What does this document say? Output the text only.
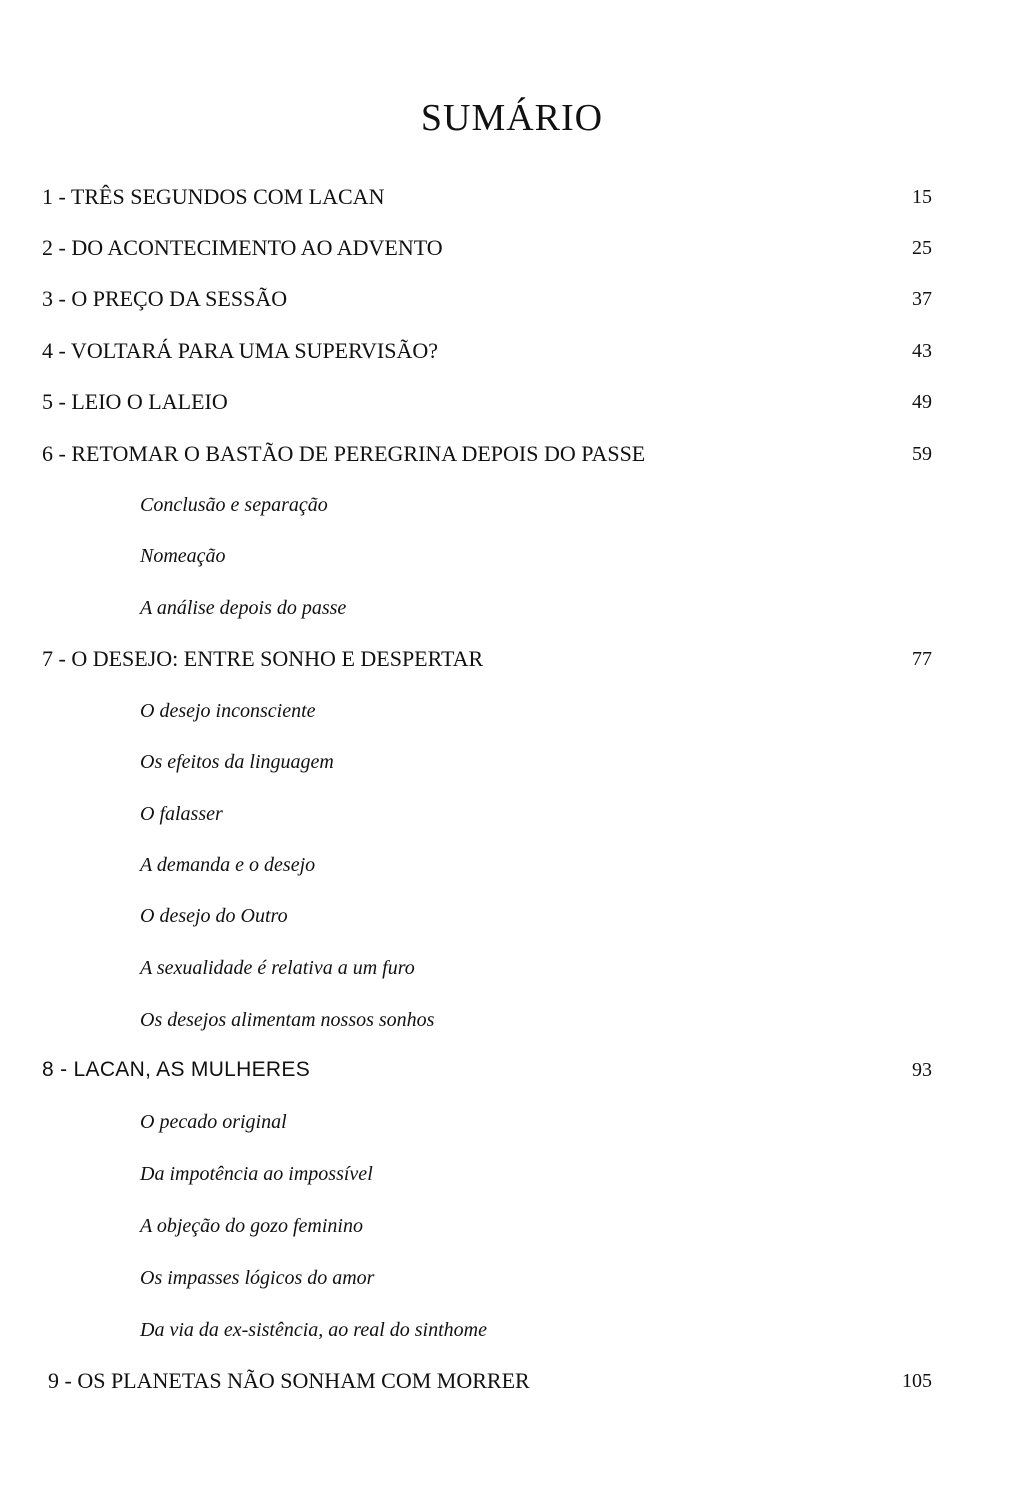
SUMÁRIO
1 - TRÊS SEGUNDOS COM LACAN	15
2 - DO ACONTECIMENTO AO ADVENTO	25
3 - O PREÇO DA SESSÃO	37
4 - VOLTARÁ PARA UMA SUPERVISÃO?	43
5 - LEIO O LALEIO	49
6 - RETOMAR O BASTÃO DE PEREGRINA DEPOIS DO PASSE	59
Conclusão e separação
Nomeação
A análise depois do passe
7 - O DESEJO: ENTRE SONHO E DESPERTAR	77
O desejo inconsciente
Os efeitos da linguagem
O falasser
A demanda e o desejo
O desejo do Outro
A sexualidade é relativa a um furo
Os desejos alimentam nossos sonhos
8 - LACAN, AS MULHERES	93
O pecado original
Da impotência ao impossível
A objeção do gozo feminino
Os impasses lógicos do amor
Da via da ex-sistência, ao real do sinthome
9 - OS PLANETAS NÃO SONHAM COM MORRER	105
